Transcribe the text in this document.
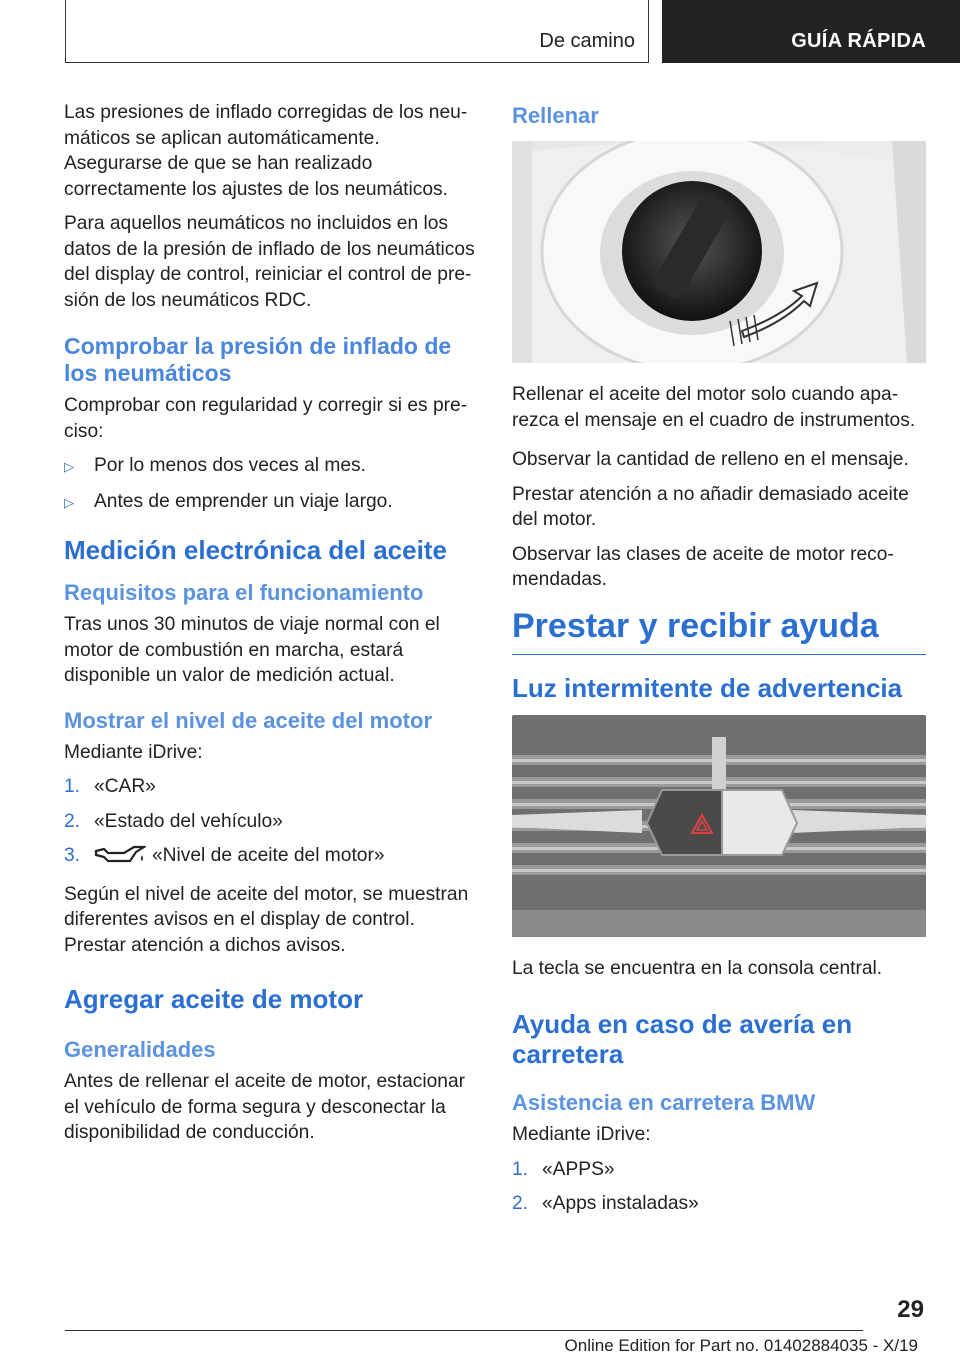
De camino	GUÍA RÁPIDA

Las presiones de inflado corregidas de los neumáticos se aplican automáticamente. Asegurarse de que se han realizado correctamente los ajustes de los neumáticos.

Para aquellos neumáticos no incluidos en los datos de la presión de inflado de los neumáticos del display de control, reiniciar el control de presión de los neumáticos RDC.

Comprobar la presión de inflado de los neumáticos

Comprobar con regularidad y corregir si es preciso:

▷	Por lo menos dos veces al mes.
▷	Antes de emprender un viaje largo.
Medición electrónica del aceite
Requisitos para el funcionamiento

Tras unos 30 minutos de viaje normal con el motor de combustión en marcha, estará disponible un valor de medición actual.

Mostrar el nivel de aceite del motor

Mediante iDrive:

1. «CAR»
2. «Estado del vehículo»
3.	«Nivel de aceite del motor»

Según el nivel de aceite del motor, se muestran diferentes avisos en el display de control. Prestar atención a dichos avisos.

Agregar aceite de motor
Generalidades

Antes de rellenar el aceite de motor, estacionar el vehículo de forma segura y desconectar la disponibilidad de conducción.

Rellenar

Rellenar el aceite del motor solo cuando aparezca el mensaje en el cuadro de instrumentos.

Observar la cantidad de relleno en el mensaje.

Prestar atención a no añadir demasiado aceite del motor.

Observar las clases de aceite de motor recomendadas.

Prestar y recibir ayuda
Luz intermitente de advertencia

La tecla se encuentra en la consola central.

Ayuda en caso de avería en carretera
Asistencia en carretera BMW

Mediante iDrive:

1. «APPS»
2. «Apps instaladas»
29
Online Edition for Part no. 01402884035 - X/19
